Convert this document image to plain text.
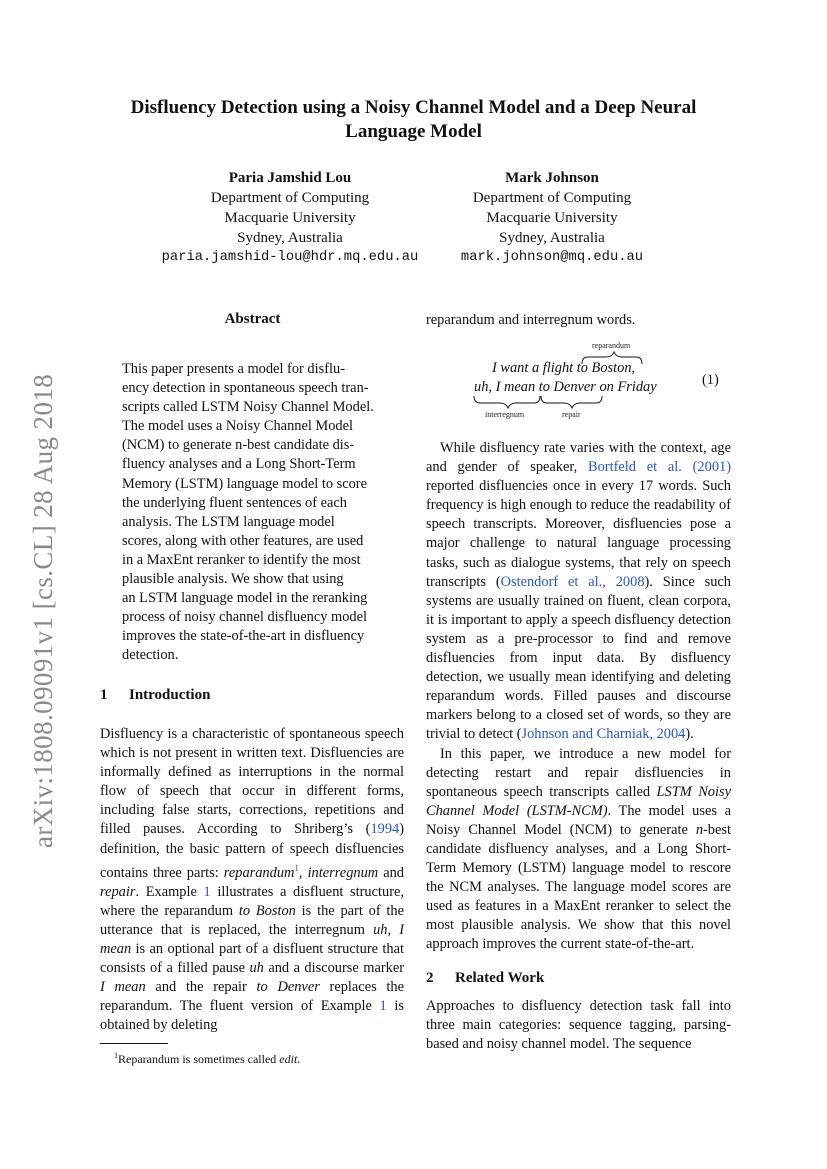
arXiv:1808.09091v1 [cs.CL] 28 Aug 2018
Disfluency Detection using a Noisy Channel Model and a Deep Neural
Language Model
Paria Jamshid Lou
Department of Computing
Macquarie University
Sydney, Australia
paria.jamshid-lou@hdr.mq.edu.au
Mark Johnson
Department of Computing
Macquarie University
Sydney, Australia
mark.johnson@mq.edu.au
Abstract
This paper presents a model for disflu-
ency detection in spontaneous speech tran-
scripts called LSTM Noisy Channel Model.
The model uses a Noisy Channel Model
(NCM) to generate n-best candidate dis-
fluency analyses and a Long Short-Term
Memory (LSTM) language model to score
the underlying fluent sentences of each
analysis. The LSTM language model
scores, along with other features, are used
in a MaxEnt reranker to identify the most
plausible analysis. We show that using
an LSTM language model in the reranking
process of noisy channel disfluency model
improves the state-of-the-art in disfluency
detection.
1 Introduction

Disfluency is a characteristic of spontaneous speech which is not present in written text. Disfluencies are informally defined as interruptions in the normal flow of speech that occur in different forms, including false starts, corrections, repetitions and filled pauses. According to Shriberg’s (1994) definition, the basic pattern of speech disfluencies contains three parts: reparandum$^1$, interregnum and repair. Example 1 illustrates a disfluent structure, where the reparandum to Boston is the part of the utterance that is replaced, the interregnum uh, I mean is an optional part of a disfluent structure that consists of a filled pause uh and a discourse marker I mean and the repair to Denver replaces the reparandum. The fluent version of Example 1 is obtained by deleting

$^1$Reparandum is sometimes called edit.
reparandum and interregnum words.
reparandum
I want a flight to Boston,
uh, I mean to Denver on Friday
interregnum	repair
(1)

While disfluency rate varies with the context, age and gender of speaker, Bortfeld et al. (2001) reported disfluencies once in every 17 words. Such frequency is high enough to reduce the readability of speech transcripts. Moreover, disfluencies pose a major challenge to natural language processing tasks, such as dialogue systems, that rely on speech transcripts (Ostendorf et al., 2008). Since such systems are usually trained on fluent, clean corpora, it is important to apply a speech disfluency detection system as a pre-processor to find and remove disfluencies from input data. By disfluency detection, we usually mean identifying and deleting reparandum words. Filled pauses and discourse markers belong to a closed set of words, so they are trivial to detect (Johnson and Charniak, 2004).

In this paper, we introduce a new model for detecting restart and repair disfluencies in spontaneous speech transcripts called LSTM Noisy Channel Model (LSTM-NCM). The model uses a Noisy Channel Model (NCM) to generate n-best candidate disfluency analyses, and a Long Short-Term Memory (LSTM) language model to rescore the NCM analyses. The language model scores are used as features in a MaxEnt reranker to select the most plausible analysis. We show that this novel approach improves the current state-of-the-art.

2 Related Work

Approaches to disfluency detection task fall into three main categories: sequence tagging, parsing-based and noisy channel model. The sequence
